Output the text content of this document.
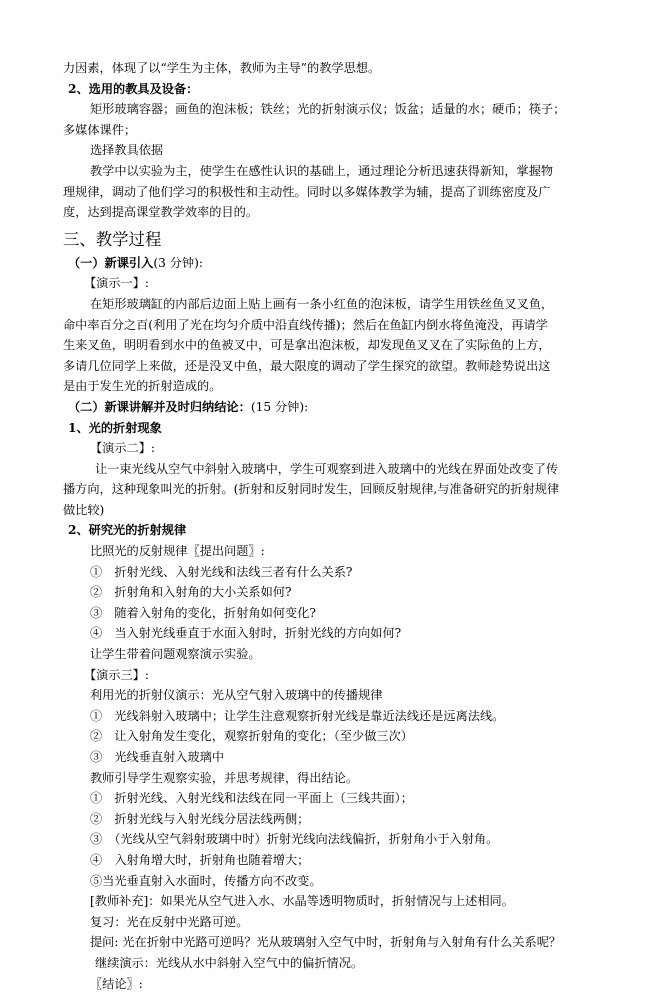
力因素，体现了以“学生为主体，教师为主导”的教学思想。
2、选用的教具及设备：
矩形玻璃容器；画鱼的泡沫板；铁丝；光的折射演示仪；饭盆；适量的水；硬币；筷子；
多媒体课件；
选择教具依据
教学中以实验为主，使学生在感性认识的基础上，通过理论分析迅速获得新知，掌握物
理规律，调动了他们学习的积极性和主动性。同时以多媒体教学为辅，提高了训练密度及广
度，达到提高课堂教学效率的目的。
三、教学过程
（一）新课引入(3 分钟):
【演示一】:
在矩形玻璃缸的内部后边面上贴上画有一条小红鱼的泡沫板，请学生用铁丝鱼叉叉鱼，
命中率百分之百(利用了光在均匀介质中沿直线传播)；然后在鱼缸内倒水将鱼淹没，再请学
生来叉鱼，明明看到水中的鱼被叉中，可是拿出泡沫板，却发现鱼叉叉在了实际鱼的上方，
多请几位同学上来做，还是没叉中鱼，最大限度的调动了学生探究的欲望。教师趁势说出这
是由于发生光的折射造成的。
（二）新课讲解并及时归纳结论：(15 分钟):
1、光的折射现象
【演示二】:
让一束光线从空气中斜射入玻璃中，学生可观察到进入玻璃中的光线在界面处改变了传
播方向，这种现象叫光的折射。(折射和反射同时发生，回顾反射规律,与准备研究的折射规律
做比较)
2、研究光的折射规律
比照光的反射规律〖提出问题〗:
①　折射光线、入射光线和法线三者有什么关系?
②　折射角和入射角的大小关系如何?
③　随着入射角的变化，折射角如何变化?
④　当入射光线垂直于水面入射时，折射光线的方向如何?
让学生带着问题观察演示实验。
【演示三】:
利用光的折射仪演示：光从空气射入玻璃中的传播规律
①　光线斜射入玻璃中；让学生注意观察折射光线是靠近法线还是远离法线。
②　让入射角发生变化，观察折射角的变化；（至少做三次）
③　光线垂直射入玻璃中
教师引导学生观察实验，并思考规律，得出结论。
①　折射光线、入射光线和法线在同一平面上（三线共面）；
②　折射光线与入射光线分居法线两侧；
③　（光线从空气斜射玻璃中时）折射光线向法线偏折，折射角小于入射角。
④　入射角增大时，折射角也随着增大；
⑤当光垂直射入水面时，传播方向不改变。
[教师补充]：如果光从空气进入水、水晶等透明物质时，折射情况与上述相同。
复习：光在反射中光路可逆。
提问: 光在折射中光路可逆吗？光从玻璃射入空气中时，折射角与入射角有什么关系呢？
继续演示：光线从水中斜射入空气中的偏折情况。
〖结论〗:
